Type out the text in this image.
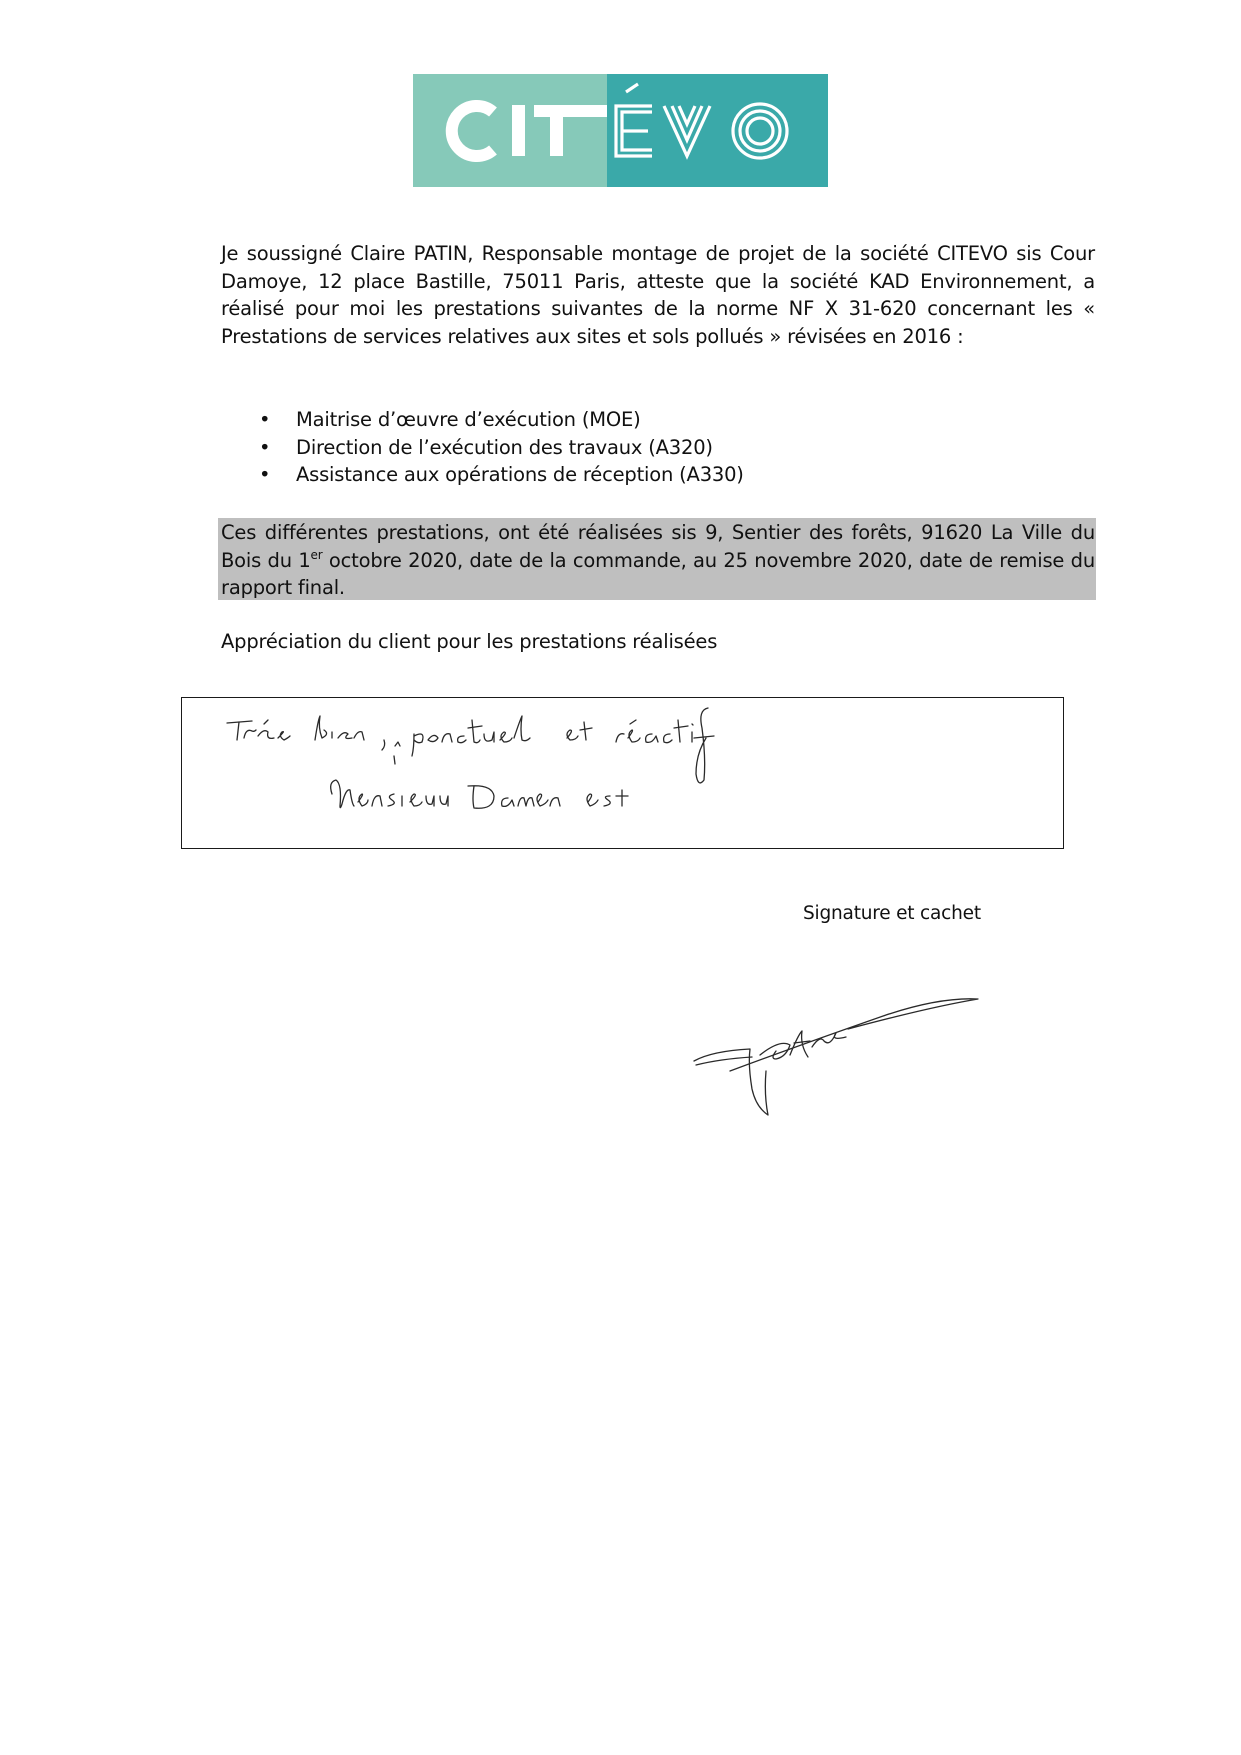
Je soussigné Claire PATIN, Responsable montage de projet de la société CITEVO sis Cour Damoye, 12 place Bastille, 75011 Paris, atteste que la société KAD Environnement, a réalisé pour moi les prestations suivantes de la norme NF X 31-620 concernant les « Prestations de services relatives aux sites et sols pollués » révisées en 2016 :
• Maitrise d’œuvre d’exécution (MOE)
• Direction de l’exécution des travaux (A320)
• Assistance aux opérations de réception (A330)
Ces différentes prestations, ont été réalisées sis 9, Sentier des forêts, 91620 La Ville du Bois du 1er octobre 2020, date de la commande, au 25 novembre 2020, date de remise du rapport final.
Appréciation du client pour les prestations réalisées
Signature et cachet
